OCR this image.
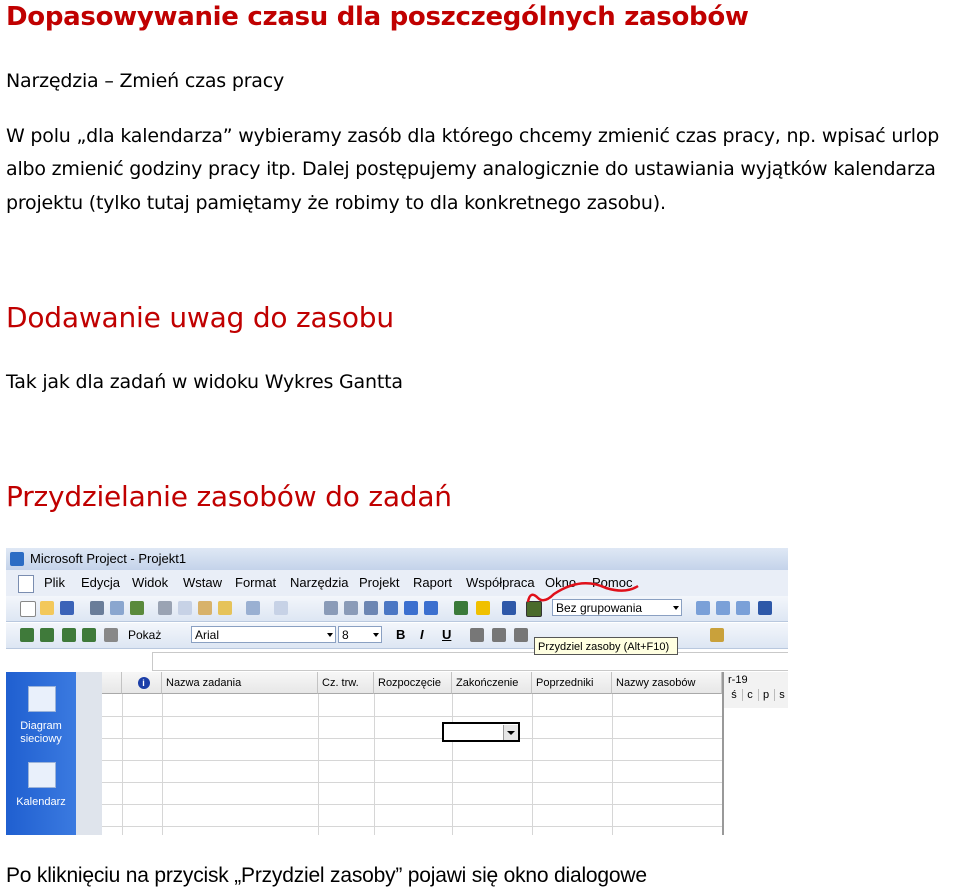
Dopasowywanie czasu dla poszczególnych zasobów

Narzędzia – Zmień czas pracy

W polu „dla kalendarza” wybieramy zasób dla którego chcemy zmienić czas pracy, np. wpisać urlop

albo zmienić godziny pracy itp. Dalej postępujemy analogicznie do ustawiania wyjątków kalendarza

projektu (tylko tutaj pamiętamy że robimy to dla konkretnego zasobu).

Dodawanie uwag do zasobu

Tak jak dla zadań w widoku Wykres Gantta

Przydzielanie zasobów do zadań
Microsoft Project - Projekt1
Plik Edycja Widok Wstaw Format Narzędzia Projekt Raport Współpraca Okno Pomoc
Bez grupowania
Pokaż	Arial	8	B I U
Przydziel zasoby (Alt+F10)
Diagram sieciowy
Kalendarz
i	Nazwa zadania	Cz. trw.	Rozpoczęcie	Zakończenie	Poprzedniki	Nazwy zasobów	r-19
ś c p s

Po kliknięciu na przycisk „Przydziel zasoby” pojawi się okno dialogowe
